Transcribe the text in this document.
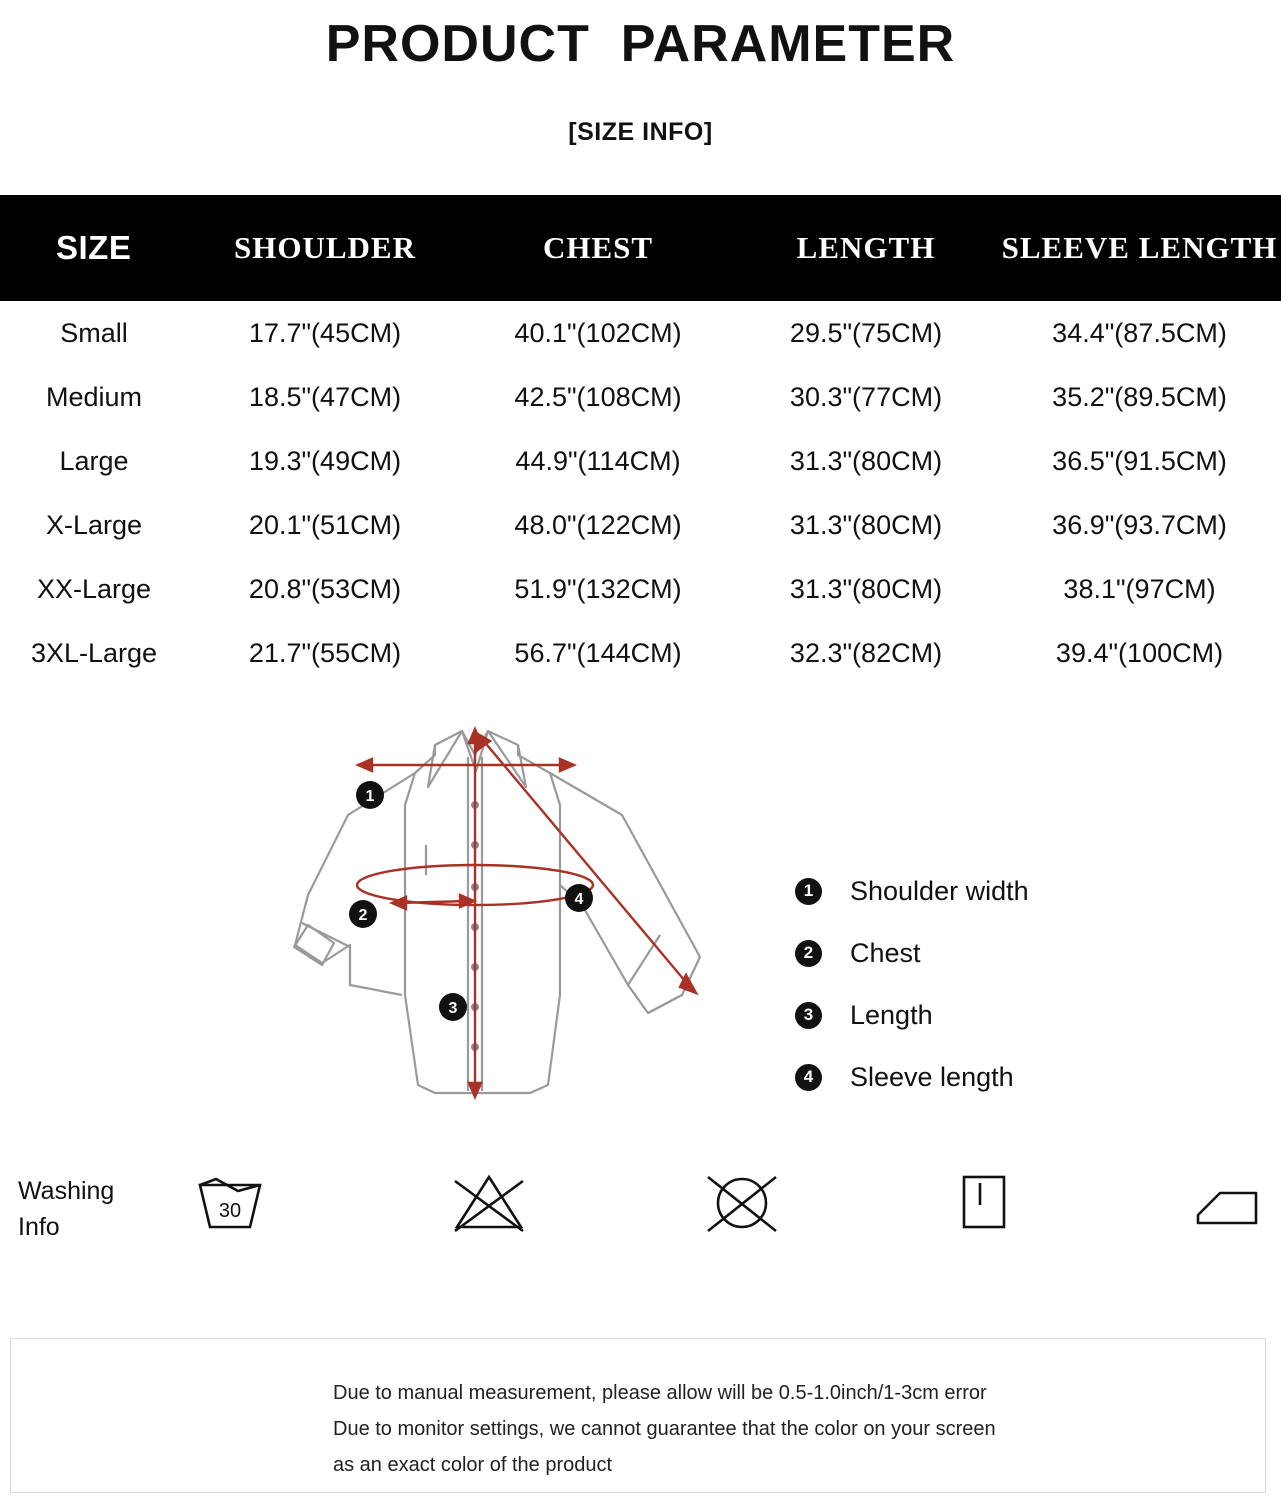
PRODUCT  PARAMETER
[SIZE INFO]
SIZE	SHOULDER	CHEST	LENGTH	SLEEVE LENGTH
Small	17.7"(45CM)	40.1"(102CM)	29.5"(75CM)	34.4"(87.5CM)
Medium	18.5"(47CM)	42.5"(108CM)	30.3"(77CM)	35.2"(89.5CM)
Large	19.3"(49CM)	44.9"(114CM)	31.3"(80CM)	36.5"(91.5CM)
X-Large	20.1"(51CM)	48.0"(122CM)	31.3"(80CM)	36.9"(93.7CM)
XX-Large	20.8"(53CM)	51.9"(132CM)	31.3"(80CM)	38.1"(97CM)
3XL-Large	21.7"(55CM)	56.7"(144CM)	32.3"(82CM)	39.4"(100CM)
1
2
3
4	1	Shoulder width
2	Chest
3	Length
4	Sleeve length
Washing
Info
30
Due to manual measurement, please allow will be 0.5-1.0inch/1-3cm error
Due to monitor settings, we cannot guarantee that the color on your screen
as an exact color of the product
